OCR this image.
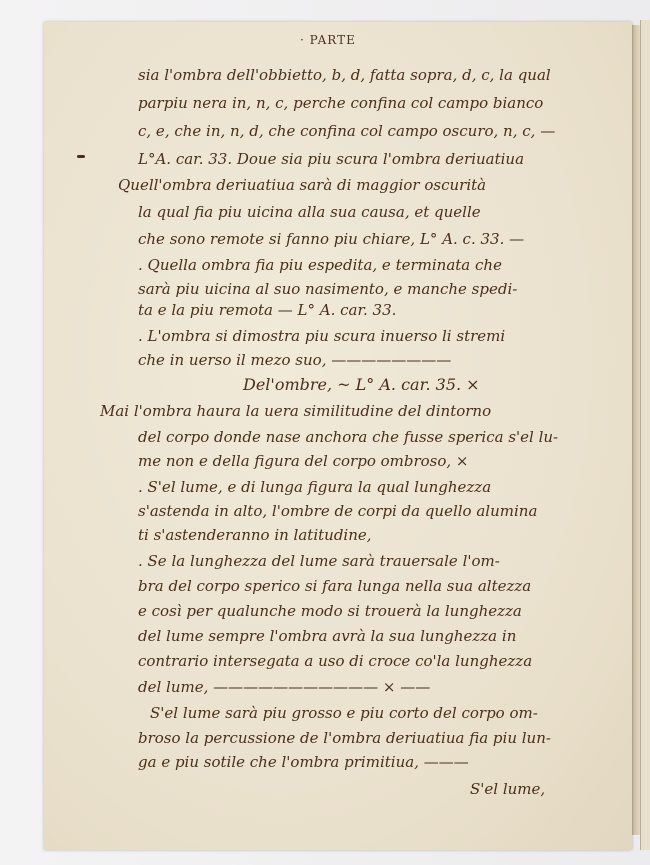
· PARTE
sia l'ombra dell'obbietto, b, d, fatta sopra, d, c, la qual
parpiu nera in, n, c, perche confina col campo bianco
c, e, che in, n, d, che confina col campo oscuro, n, c, —
L°A. car. 33. Doue sia piu scura l'ombra deriuatiua
Quell'ombra deriuatiua sarà di maggior oscurità
la qual fia piu uicina alla sua causa, et quelle
che sono remote si fanno piu chiare, L° A. c. 33. —
. Quella ombra fia piu espedita, e terminata che
sarà piu uicina al suo nasimento, e manche spedi-
ta e la piu remota — L° A. car. 33.
. L'ombra si dimostra piu scura inuerso li stremi
che in uerso il mezo suo, ————————
Del'ombre, ~ L° A. car. 35. ×
Mai l'ombra haura la uera similitudine del dintorno
del corpo donde nase anchora che fusse sperica s'el lu-
me non e della figura del corpo ombroso, ×
. S'el lume, e di lunga figura la qual lunghezza
s'astenda in alto, l'ombre de corpi da quello alumina
ti s'astenderanno in latitudine,
. Se la lunghezza del lume sarà trauersale l'om-
bra del corpo sperico si fara lunga nella sua altezza
e così per qualunche modo si trouerà la lunghezza
del lume sempre l'ombra avrà la sua lunghezza in
contrario intersegata a uso di croce co'la lunghezza
del lume, ——————————— × ——
S'el lume sarà piu grosso e piu corto del corpo om-
broso la percussione de l'ombra deriuatiua fia piu lun-
ga e piu sotile che l'ombra primitiua, ———
S'el lume,
